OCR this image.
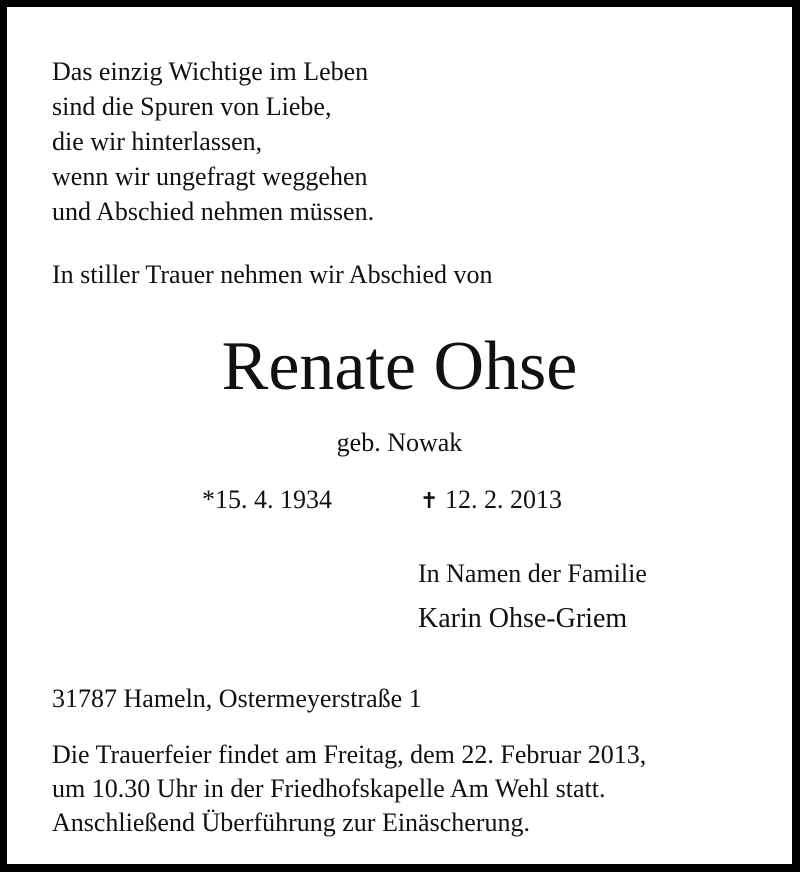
Das einzig Wichtige im Leben
sind die Spuren von Liebe,
die wir hinterlassen,
wenn wir ungefragt weggehen
und Abschied nehmen müssen.
In stiller Trauer nehmen wir Abschied von
Renate Ohse
geb. Nowak
*15. 4. 1934	✝ 12. 2. 2013
In Namen der Familie
Karin Ohse-Griem
31787 Hameln, Ostermeyerstraße 1
Die Trauerfeier findet am Freitag, dem 22. Februar 2013,
um 10.30 Uhr in der Friedhofskapelle Am Wehl statt.
Anschließend Überführung zur Einäscherung.
